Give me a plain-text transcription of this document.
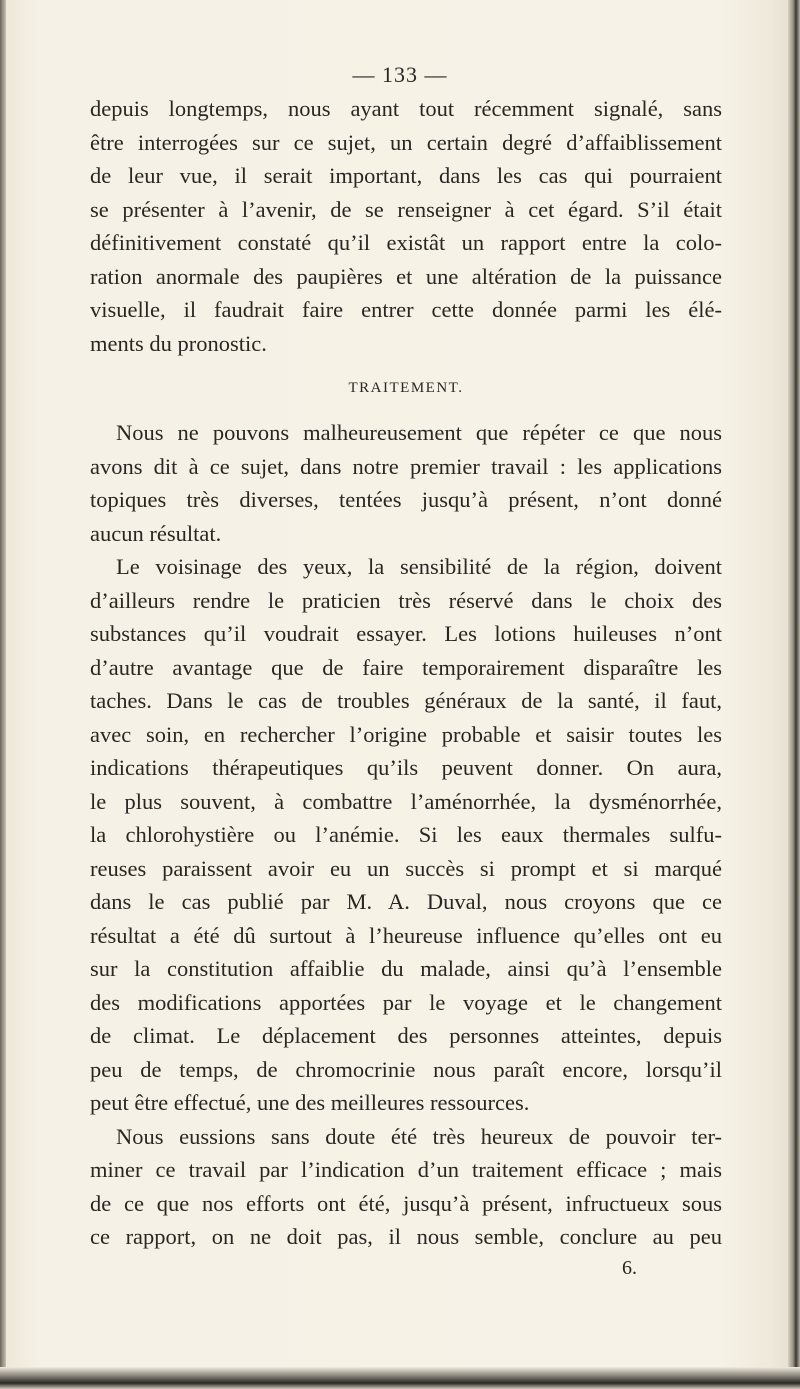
— 133 —
depuis longtemps, nous ayant tout récemment signalé, sans
être interrogées sur ce sujet, un certain degré d’affaiblissement
de leur vue, il serait important, dans les cas qui pourraient
se présenter à l’avenir, de se renseigner à cet égard. S’il était
définitivement constaté qu’il existât un rapport entre la colo-
ration anormale des paupières et une altération de la puissance
visuelle, il faudrait faire entrer cette donnée parmi les élé-
ments du pronostic.
TRAITEMENT.
Nous ne pouvons malheureusement que répéter ce que nous
avons dit à ce sujet, dans notre premier travail : les applications
topiques très diverses, tentées jusqu’à présent, n’ont donné
aucun résultat.
Le voisinage des yeux, la sensibilité de la région, doivent
d’ailleurs rendre le praticien très réservé dans le choix des
substances qu’il voudrait essayer. Les lotions huileuses n’ont
d’autre avantage que de faire temporairement disparaître les
taches. Dans le cas de troubles généraux de la santé, il faut,
avec soin, en rechercher l’origine probable et saisir toutes les
indications thérapeutiques qu’ils peuvent donner. On aura,
le plus souvent, à combattre l’aménorrhée, la dysménorrhée,
la chlorohystière ou l’anémie. Si les eaux thermales sulfu-
reuses paraissent avoir eu un succès si prompt et si marqué
dans le cas publié par M. A. Duval, nous croyons que ce
résultat a été dû surtout à l’heureuse influence qu’elles ont eu
sur la constitution affaiblie du malade, ainsi qu’à l’ensemble
des modifications apportées par le voyage et le changement
de climat. Le déplacement des personnes atteintes, depuis
peu de temps, de chromocrinie nous paraît encore, lorsqu’il
peut être effectué, une des meilleures ressources.
Nous eussions sans doute été très heureux de pouvoir ter-
miner ce travail par l’indication d’un traitement efficace ; mais
de ce que nos efforts ont été, jusqu’à présent, infructueux sous
ce rapport, on ne doit pas, il nous semble, conclure au peu
6.
